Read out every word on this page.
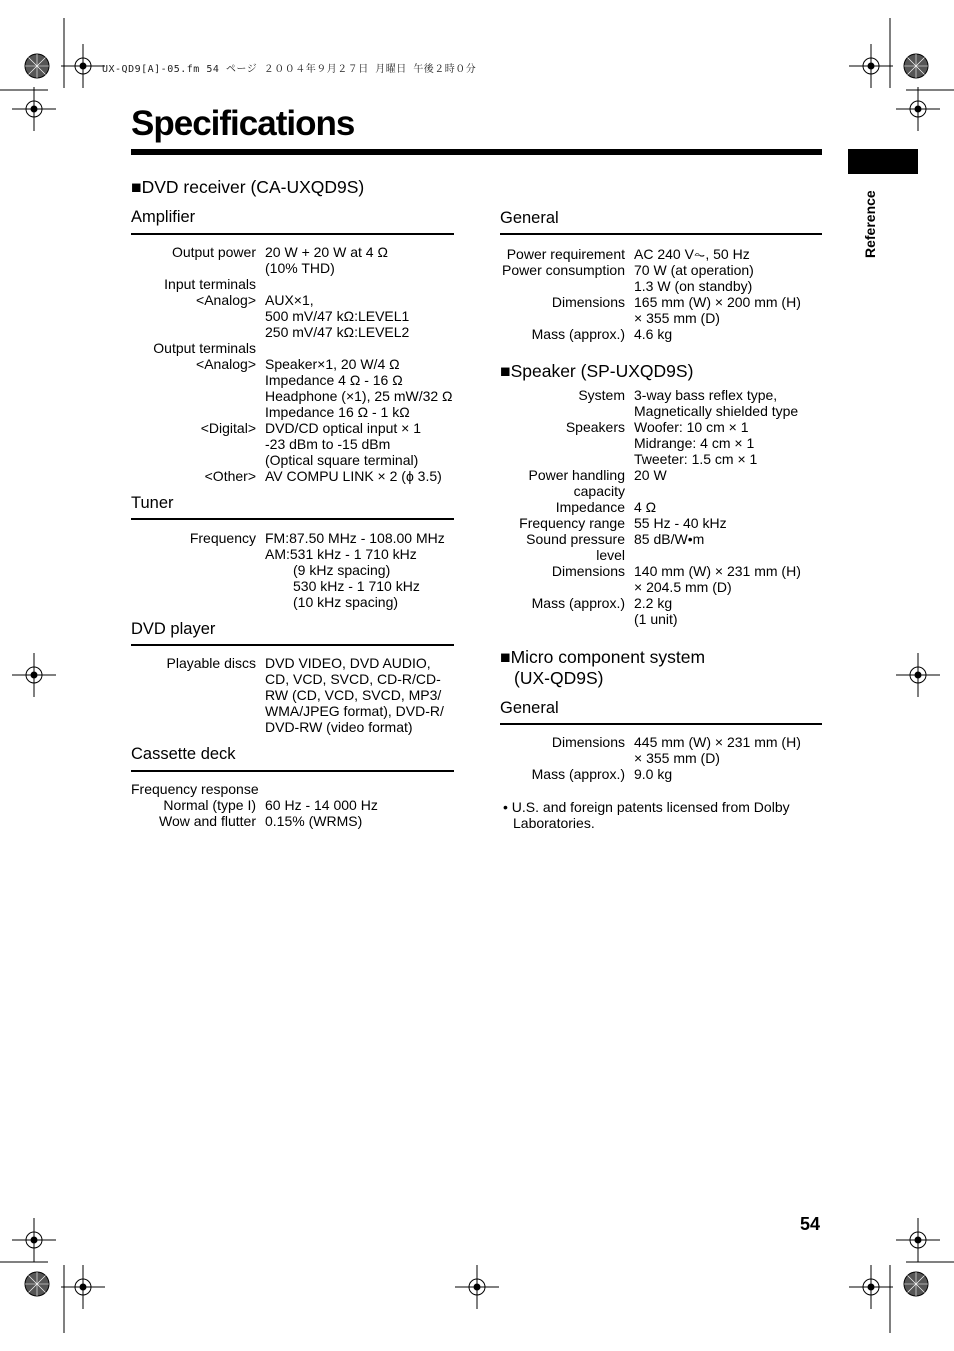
UX-QD9[A]-05.fm 54 ページ ２００４年９月２７日 月曜日 午後２時０分
Specifications
Reference
■DVD receiver (CA-UXQD9S)
Amplifier
Output power 20 W + 20 W at 4 Ω
(10% THD)
Input terminals
<Analog> AUX×1,
500 mV/47 kΩ:LEVEL1
250 mV/47 kΩ:LEVEL2
Output terminals
<Analog> Speaker×1, 20 W/4 Ω
Impedance 4 Ω - 16 Ω
Headphone (×1), 25 mW/32 Ω
Impedance 16 Ω - 1 kΩ
<Digital> DVD/CD optical input × 1
-23 dBm to -15 dBm
(Optical square terminal)
<Other> AV COMPU LINK × 2 (ϕ 3.5)
Tuner
Frequency FM:87.50 MHz - 108.00 MHz
AM:531 kHz - 1 710 kHz
(9 kHz spacing)
530 kHz - 1 710 kHz
(10 kHz spacing)
DVD player
Playable discs DVD VIDEO, DVD AUDIO,
CD, VCD, SVCD, CD-R/CD-
RW (CD, VCD, SVCD, MP3/
WMA/JPEG format), DVD-R/
DVD-RW (video format)
Cassette deck
Frequency response
Normal (type I) 60 Hz - 14 000 Hz
Wow and flutter 0.15% (WRMS)
General
Power requirement AC 240 V⏦, 50 Hz
Power consumption 70 W (at operation)
1.3 W (on standby)
Dimensions 165 mm (W) × 200 mm (H)
× 355 mm (D)
Mass (approx.) 4.6 kg
■Speaker (SP-UXQD9S)
System 3-way bass reflex type,
Magnetically shielded type
Speakers Woofer: 10 cm × 1
Midrange: 4 cm × 1
Tweeter: 1.5 cm × 1
Power handling
capacity
20 W
Impedance 4 Ω
Frequency range 55 Hz - 40 kHz
Sound pressure
level
85 dB/W•m
Dimensions 140 mm (W) × 231 mm (H)
× 204.5 mm (D)
Mass (approx.) 2.2 kg
(1 unit)
■Micro component system
(UX-QD9S)
General
Dimensions 445 mm (W) × 231 mm (H)
× 355 mm (D)
Mass (approx.) 9.0 kg
• U.S. and foreign patents licensed from Dolby
Laboratories.
54
